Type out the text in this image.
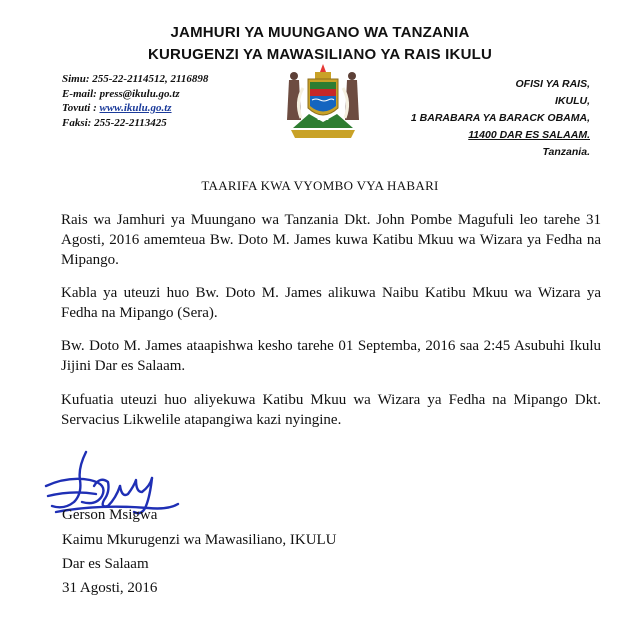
JAMHURI YA MUUNGANO WA TANZANIA
KURUGENZI YA MAWASILIANO YA RAIS IKULU
Simu: 255-22-2114512, 2116898
E-mail: press@ikulu.go.tz
Tovuti : www.ikulu.go.tz
Faksi: 255-22-2113425
OFISI YA RAIS,
IKULU,
1 BARABARA YA BARACK OBAMA,
11400 DAR ES SALAAM.
Tanzania.
TAARIFA KWA VYOMBO VYA HABARI

Rais wa Jamhuri ya Muungano wa Tanzania Dkt. John Pombe Magufuli leo tarehe 31 Agosti, 2016 amemteua Bw. Doto M. James kuwa Katibu Mkuu wa Wizara ya Fedha na Mipango.

Kabla ya uteuzi huo Bw. Doto M. James alikuwa Naibu Katibu Mkuu wa Wizara ya Fedha na Mipango (Sera).

Bw. Doto M. James ataapishwa kesho tarehe 01 Septemba, 2016 saa 2:45 Asubuhi Ikulu Jijini Dar es Salaam.

Kufuatia uteuzi huo aliyekuwa Katibu Mkuu wa Wizara ya Fedha na Mipango Dkt. Servacius Likwelile atapangiwa kazi nyingine.

Gerson Msigwa
Kaimu Mkurugenzi wa Mawasiliano, IKULU
Dar es Salaam
31 Agosti, 2016
